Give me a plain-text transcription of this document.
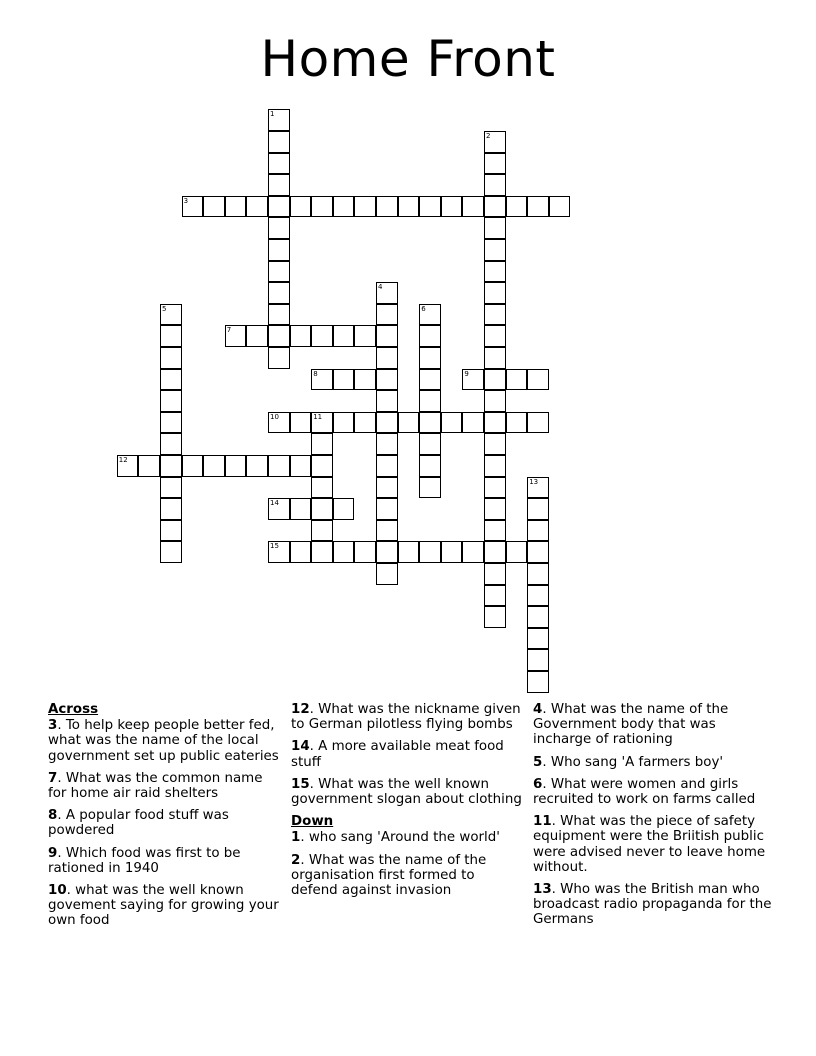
Home Front
1
2
3
4
5	6
7
8	9
10	11
12
13
14
15
Across
3. To help keep people better fed, what was the name of the local government set up public eateries
7. What was the common name for home air raid shelters
8. A popular food stuff was powdered
9. Which food was first to be rationed in 1940
10. what was the well known govement saying for growing your own food
12. What was the nickname given to German pilotless flying bombs
14. A more available meat food stuff
15. What was the well known government slogan about clothing
Down
1. who sang 'Around the world'
2. What was the name of the organisation first formed to defend against invasion
4. What was the name of the Government body that was incharge of rationing
5. Who sang 'A farmers boy'
6. What were women and girls recruited to work on farms called
11. What was the piece of safety equipment were the Briitish public were advised never to leave home without.
13. Who was the British man who broadcast radio propaganda for the Germans
